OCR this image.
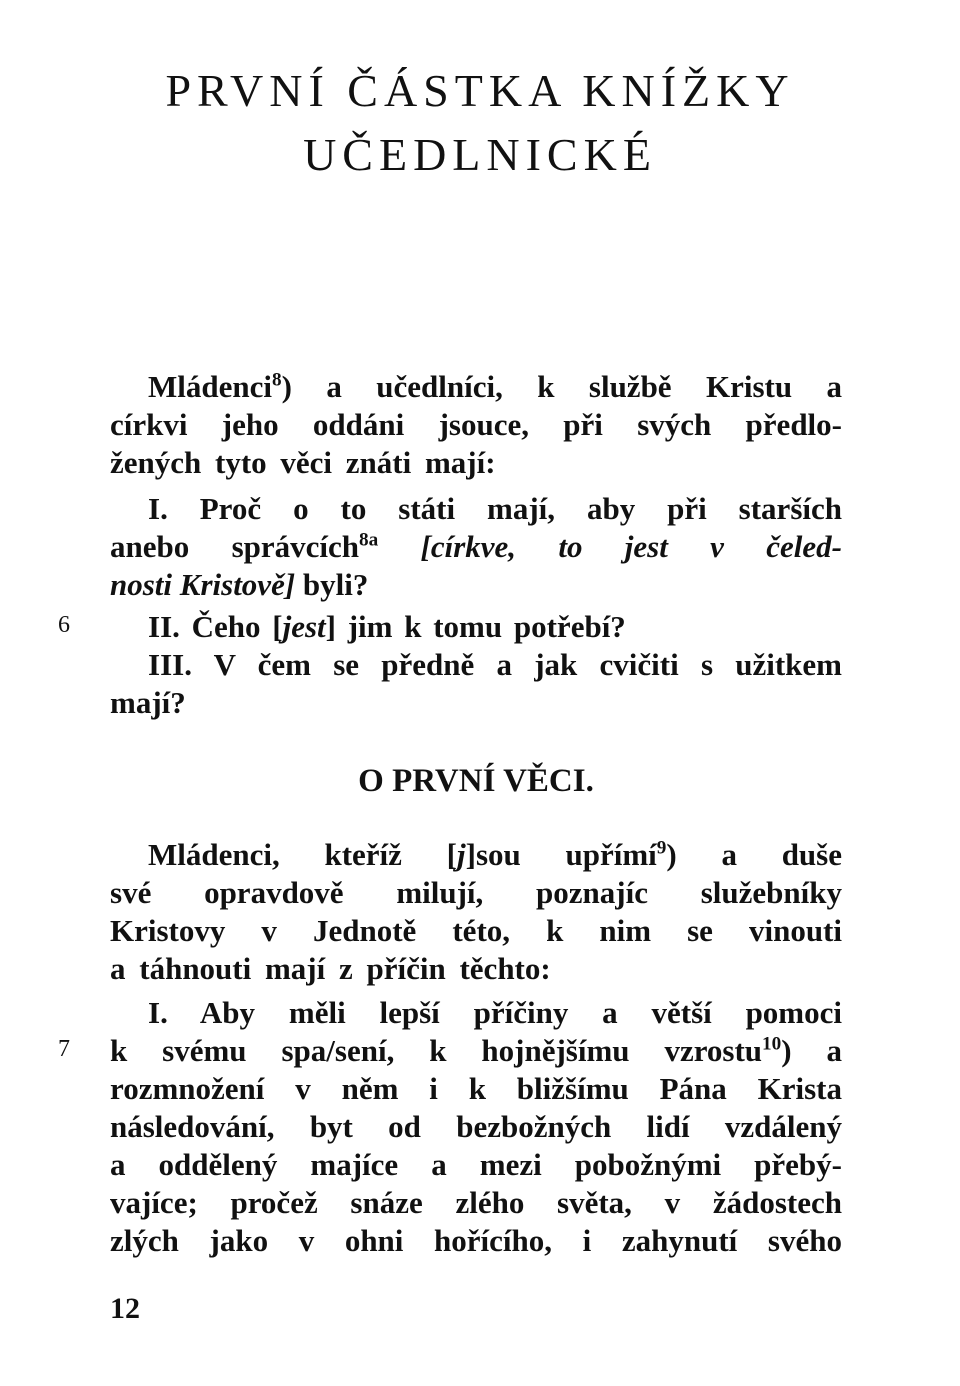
PRVNÍ ČÁSTKA KNÍŽKY
UČEDLNICKÉ

Mládenci$^8$) a učedlníci, k službě Kristu a

církvi jeho oddáni jsouce, při svých předlo-

žených tyto věci znáti mají:

I. Proč o to státi mají, aby při starších

anebo správcích$^{8a}$ [církve, to jest v čeled-

nosti Kristově] byli?

6	II. Čeho [jest] jim k tomu potřebí?

III. V čem se předně a jak cvičiti s užitkem

mají?

O PRVNÍ VĚCI.

Mládenci, kteříž [j]sou upřímí$^9$) a duše

své opravdově milují, poznajíc služebníky

Kristovy v Jednotě této, k nim se vinouti

a táhnouti mají z příčin těchto:

I. Aby měli lepší příčiny a větší pomoci

7 k svému spa/sení, k hojnějšímu vzrostu$^{10}$) a

rozmnožení v něm i k bližšímu Pána Krista

následování, byt od bezbožných lidí vzdálený

a oddělený majíce a mezi pobožnými přebý-

vajíce; pročež snáze zlého světa, v žádostech

zlých jako v ohni hořícího, i zahynutí svého

12
